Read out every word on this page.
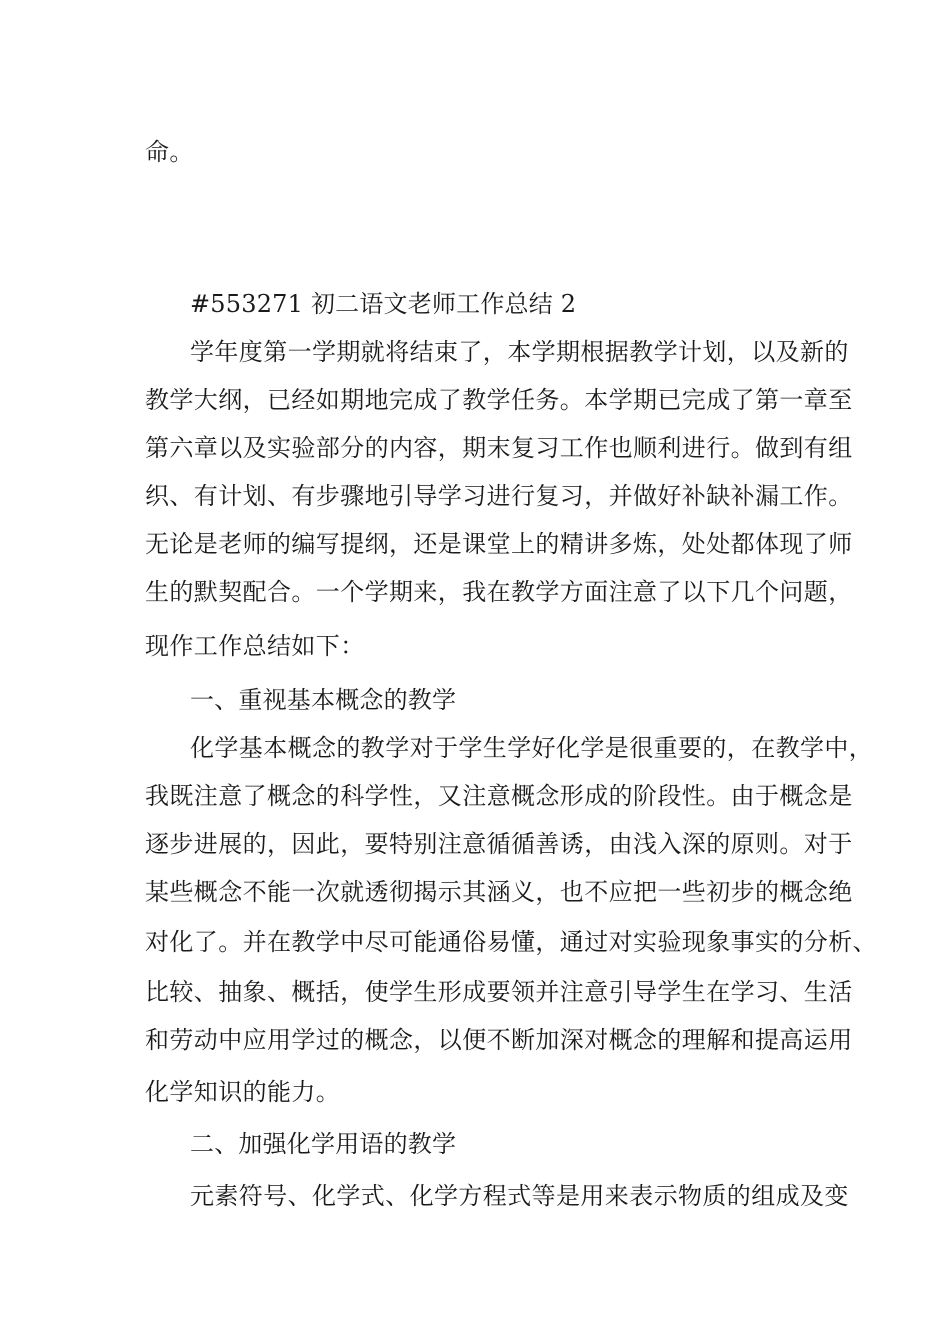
命。
#553271 初二语文老师工作总结 2
学年度第一学期就将结束了，本学期根据教学计划，以及新的
教学大纲，已经如期地完成了教学任务。本学期已完成了第一章至
第六章以及实验部分的内容，期末复习工作也顺利进行。做到有组
织、有计划、有步骤地引导学习进行复习，并做好补缺补漏工作。
无论是老师的编写提纲，还是课堂上的精讲多炼，处处都体现了师
生的默契配合。一个学期来，我在教学方面注意了以下几个问题，
现作工作总结如下：
一、重视基本概念的教学
化学基本概念的教学对于学生学好化学是很重要的，在教学中，
我既注意了概念的科学性，又注意概念形成的阶段性。由于概念是
逐步进展的，因此，要特别注意循循善诱，由浅入深的原则。对于
某些概念不能一次就透彻揭示其涵义，也不应把一些初步的概念绝
对化了。并在教学中尽可能通俗易懂，通过对实验现象事实的分析、
比较、抽象、概括，使学生形成要领并注意引导学生在学习、生活
和劳动中应用学过的概念，以便不断加深对概念的理解和提高运用
化学知识的能力。
二、加强化学用语的教学
元素符号、化学式、化学方程式等是用来表示物质的组成及变
